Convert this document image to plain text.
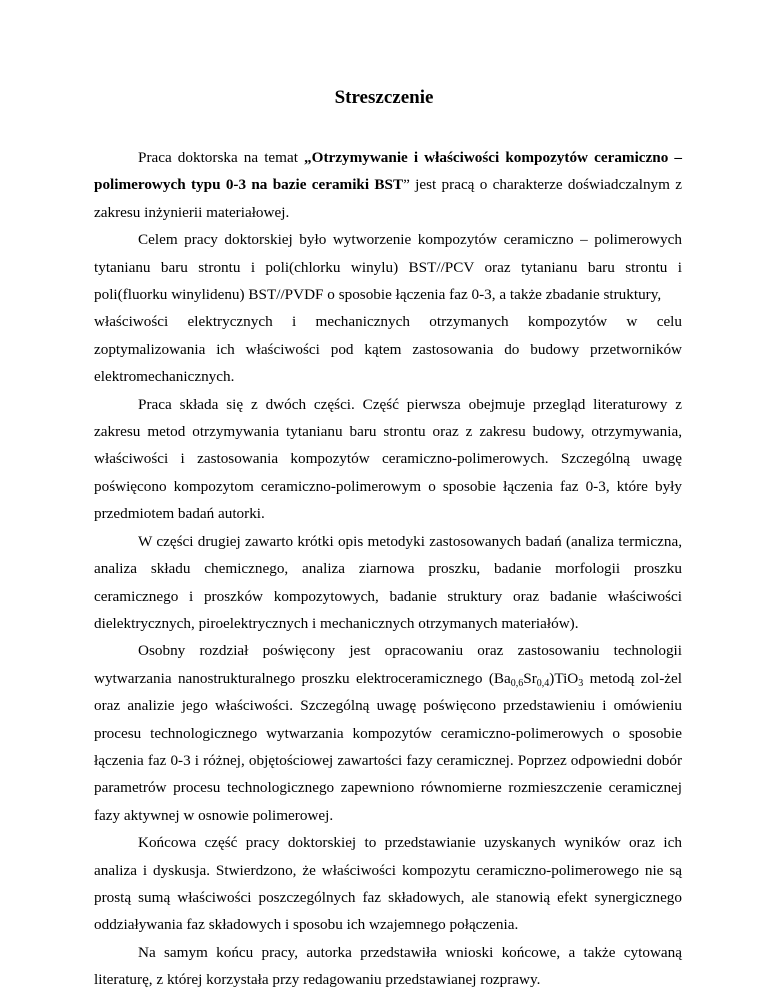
Streszczenie

Praca doktorska na temat „Otrzymywanie i właściwości kompozytów ceramiczno – polimerowych typu 0-3 na bazie ceramiki BST” jest pracą o charakterze doświadczalnym z zakresu inżynierii materiałowej.

Celem pracy doktorskiej było wytworzenie kompozytów ceramiczno – polimerowych tytanianu baru strontu i poli(chlorku winylu) BST//PCV oraz tytanianu baru strontu i poli(fluorku winylidenu) BST//PVDF o sposobie łączenia faz 0-3, a także zbadanie struktury,
właściwości elektrycznych i mechanicznych otrzymanych kompozytów w celu
zoptymalizowania ich właściwości pod kątem zastosowania do budowy przetworników elektromechanicznych.

Praca składa się z dwóch części. Część pierwsza obejmuje przegląd literaturowy z zakresu metod otrzymywania tytanianu baru strontu oraz z zakresu budowy, otrzymywania, właściwości i zastosowania kompozytów ceramiczno-polimerowych. Szczególną uwagę poświęcono kompozytom ceramiczno-polimerowym o sposobie łączenia faz 0-3, które były przedmiotem badań autorki.

W części drugiej zawarto krótki opis metodyki zastosowanych badań (analiza termiczna, analiza składu chemicznego, analiza ziarnowa proszku, badanie morfologii proszku ceramicznego i proszków kompozytowych, badanie struktury oraz badanie właściwości dielektrycznych, piroelektrycznych i mechanicznych otrzymanych materiałów).

Osobny rozdział poświęcony jest opracowaniu oraz zastosowaniu technologii wytwarzania nanostrukturalnego proszku elektroceramicznego $(Ba_{0,6}Sr_{0,4})TiO_3$ metodą zol-żel oraz analizie jego właściwości. Szczególną uwagę poświęcono przedstawieniu i omówieniu procesu technologicznego wytwarzania kompozytów ceramiczno-polimerowych o sposobie łączenia faz 0-3 i różnej, objętościowej zawartości fazy ceramicznej. Poprzez odpowiedni dobór parametrów procesu technologicznego zapewniono równomierne rozmieszczenie ceramicznej fazy aktywnej w osnowie polimerowej.

Końcowa część pracy doktorskiej to przedstawianie uzyskanych wyników oraz ich analiza i dyskusja. Stwierdzono, że właściwości kompozytu ceramiczno-polimerowego nie są prostą sumą właściwości poszczególnych faz składowych, ale stanowią efekt synergicznego oddziaływania faz składowych i sposobu ich wzajemnego połączenia.

Na samym końcu pracy, autorka przedstawiła wnioski końcowe, a także cytowaną literaturę, z której korzystała przy redagowaniu przedstawianej rozprawy.
